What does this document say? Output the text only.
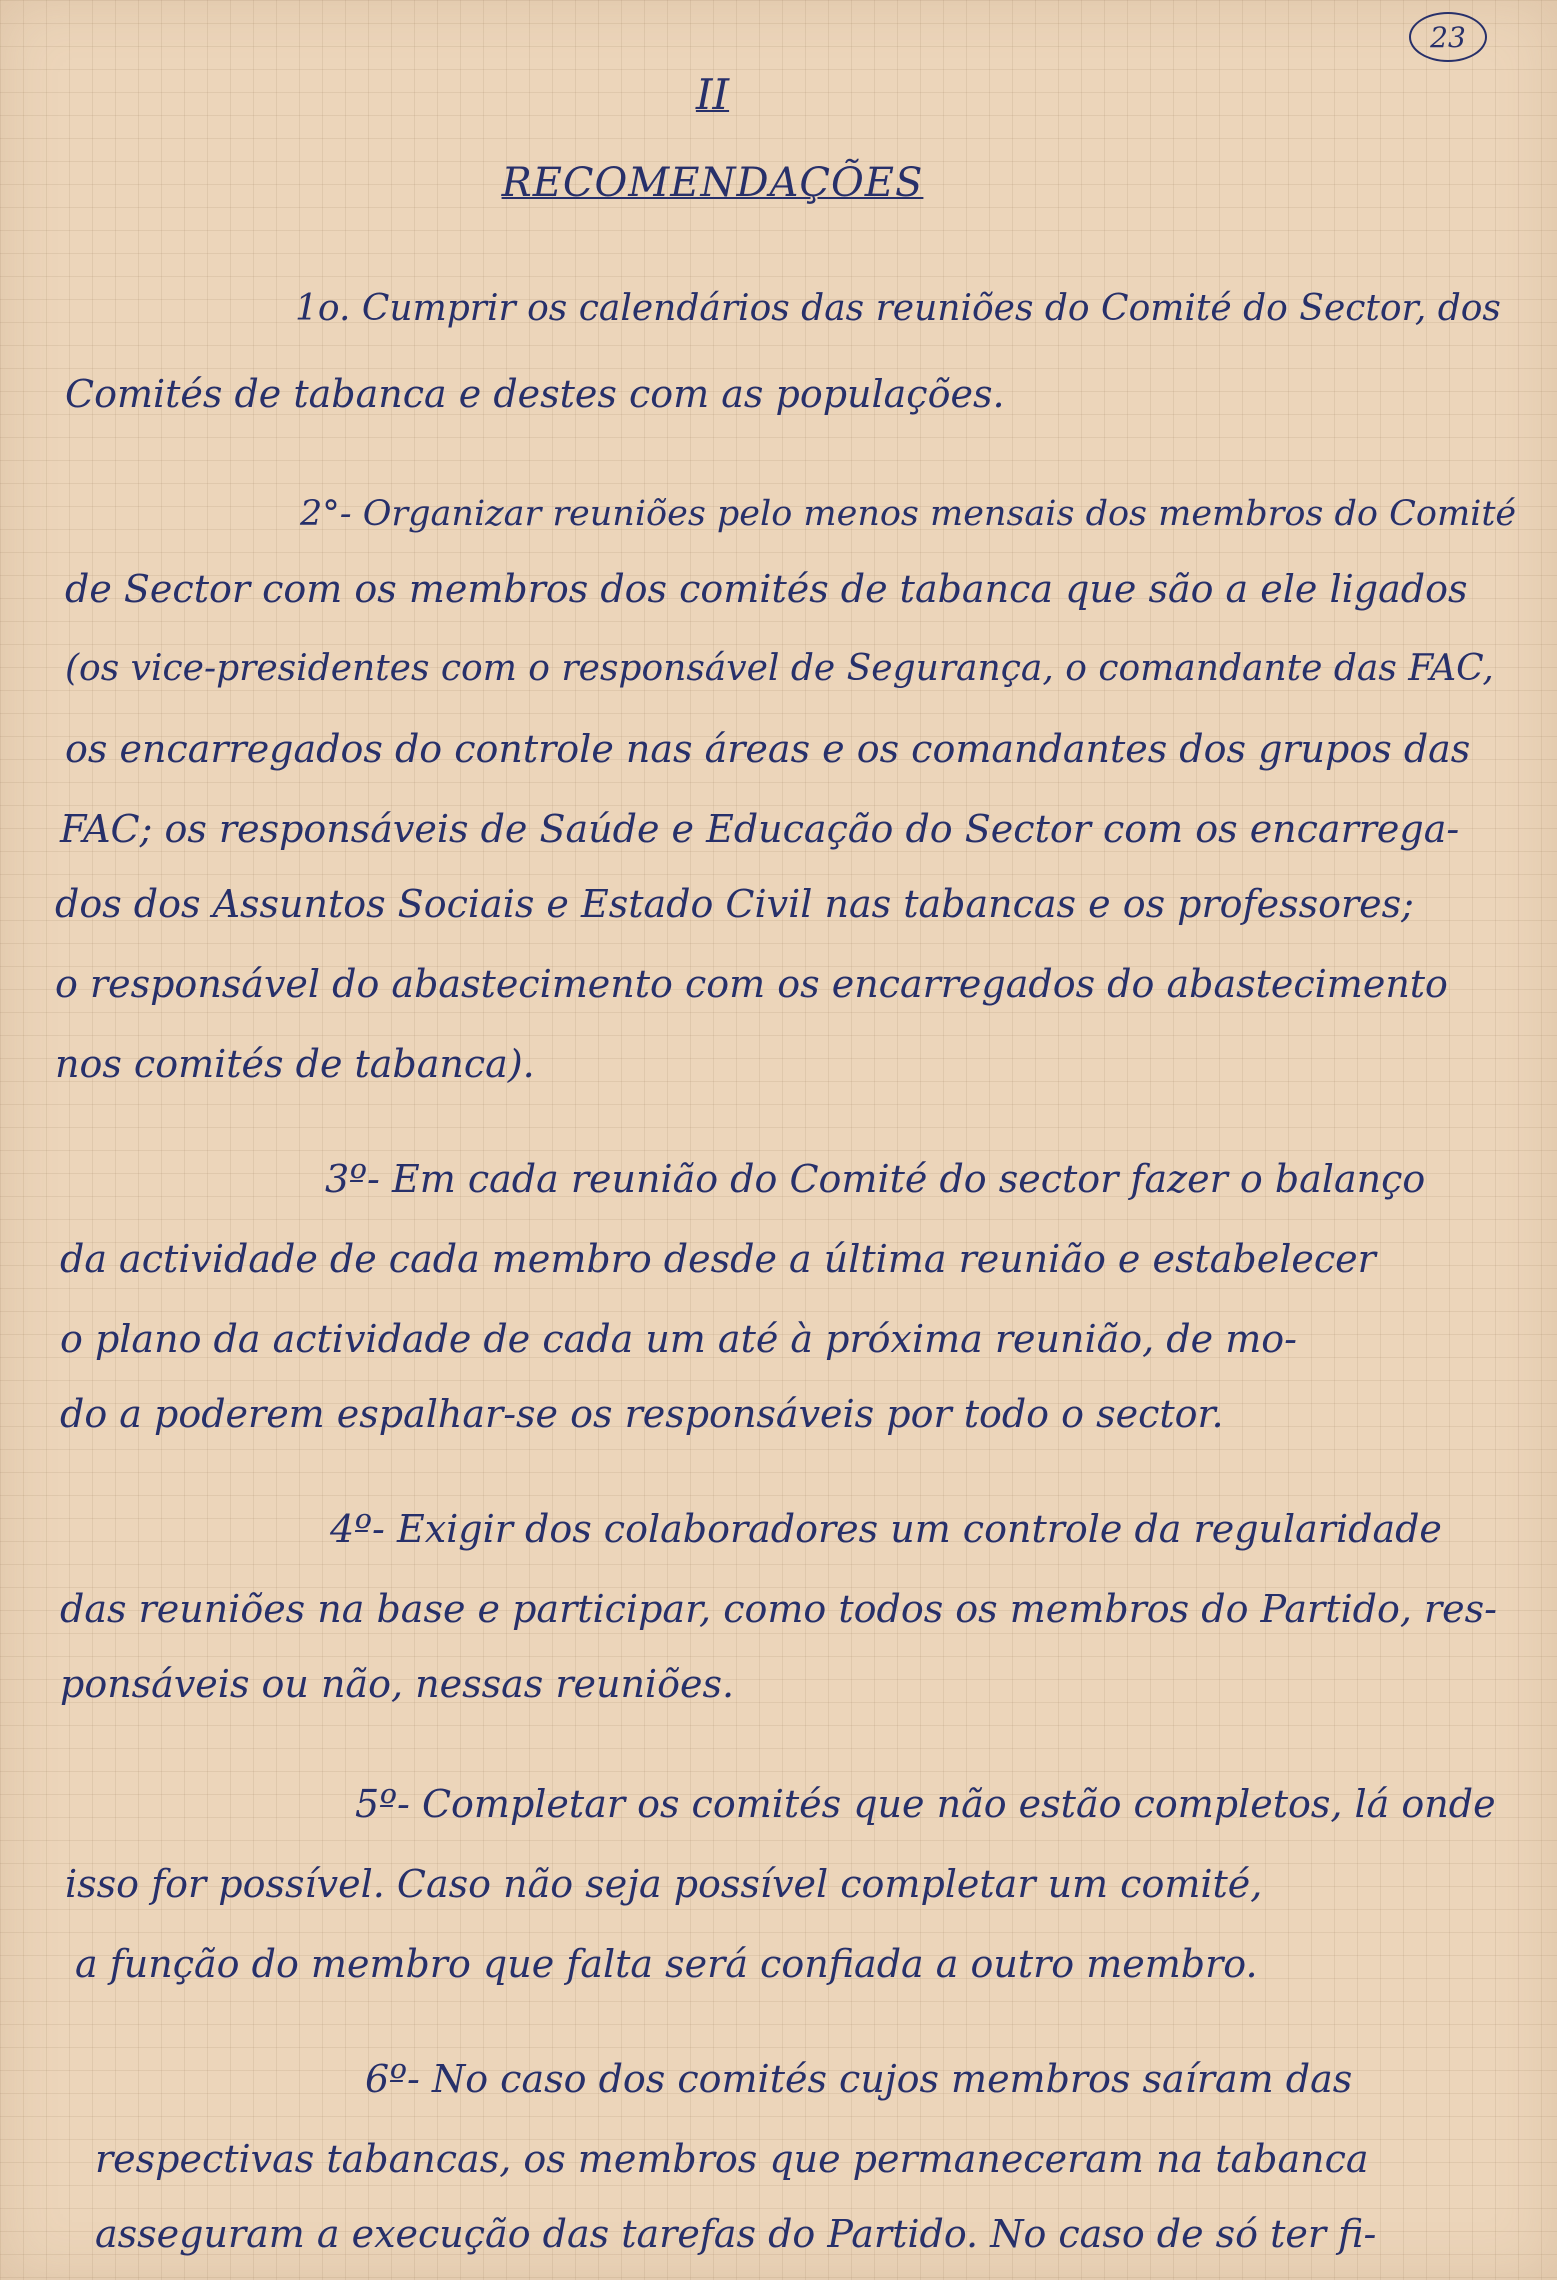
23
II
RECOMENDAÇÕES
1o. Cumprir os calendários das reuniões do Comité do Sector, dos
Comités de tabanca e destes com as populações.
2°- Organizar reuniões pelo menos mensais dos membros do Comité
de Sector com os membros dos comités de tabanca que são a ele ligados
(os vice-presidentes com o responsável de Segurança, o comandante das FAC,
os encarregados do controle nas áreas e os comandantes dos grupos das
FAC; os responsáveis de Saúde e Educação do Sector com os encarrega-
dos dos Assuntos Sociais e Estado Civil nas tabancas e os professores;
o responsável do abastecimento com os encarregados do abastecimento
nos comités de tabanca).
3º- Em cada reunião do Comité do sector fazer o balanço
da actividade de cada membro desde a última reunião e estabelecer
o plano da actividade de cada um até à próxima reunião, de mo-
do a poderem espalhar-se os responsáveis por todo o sector.
4º- Exigir dos colaboradores um controle da regularidade
das reuniões na base e participar, como todos os membros do Partido, res-
ponsáveis ou não, nessas reuniões.
5º- Completar os comités que não estão completos, lá onde
isso for possível. Caso não seja possível completar um comité,
a função do membro que falta será confiada a outro membro.
6º- No caso dos comités cujos membros saíram das
respectivas tabancas, os membros que permaneceram na tabanca
asseguram a execução das tarefas do Partido. No caso de só ter fi-
